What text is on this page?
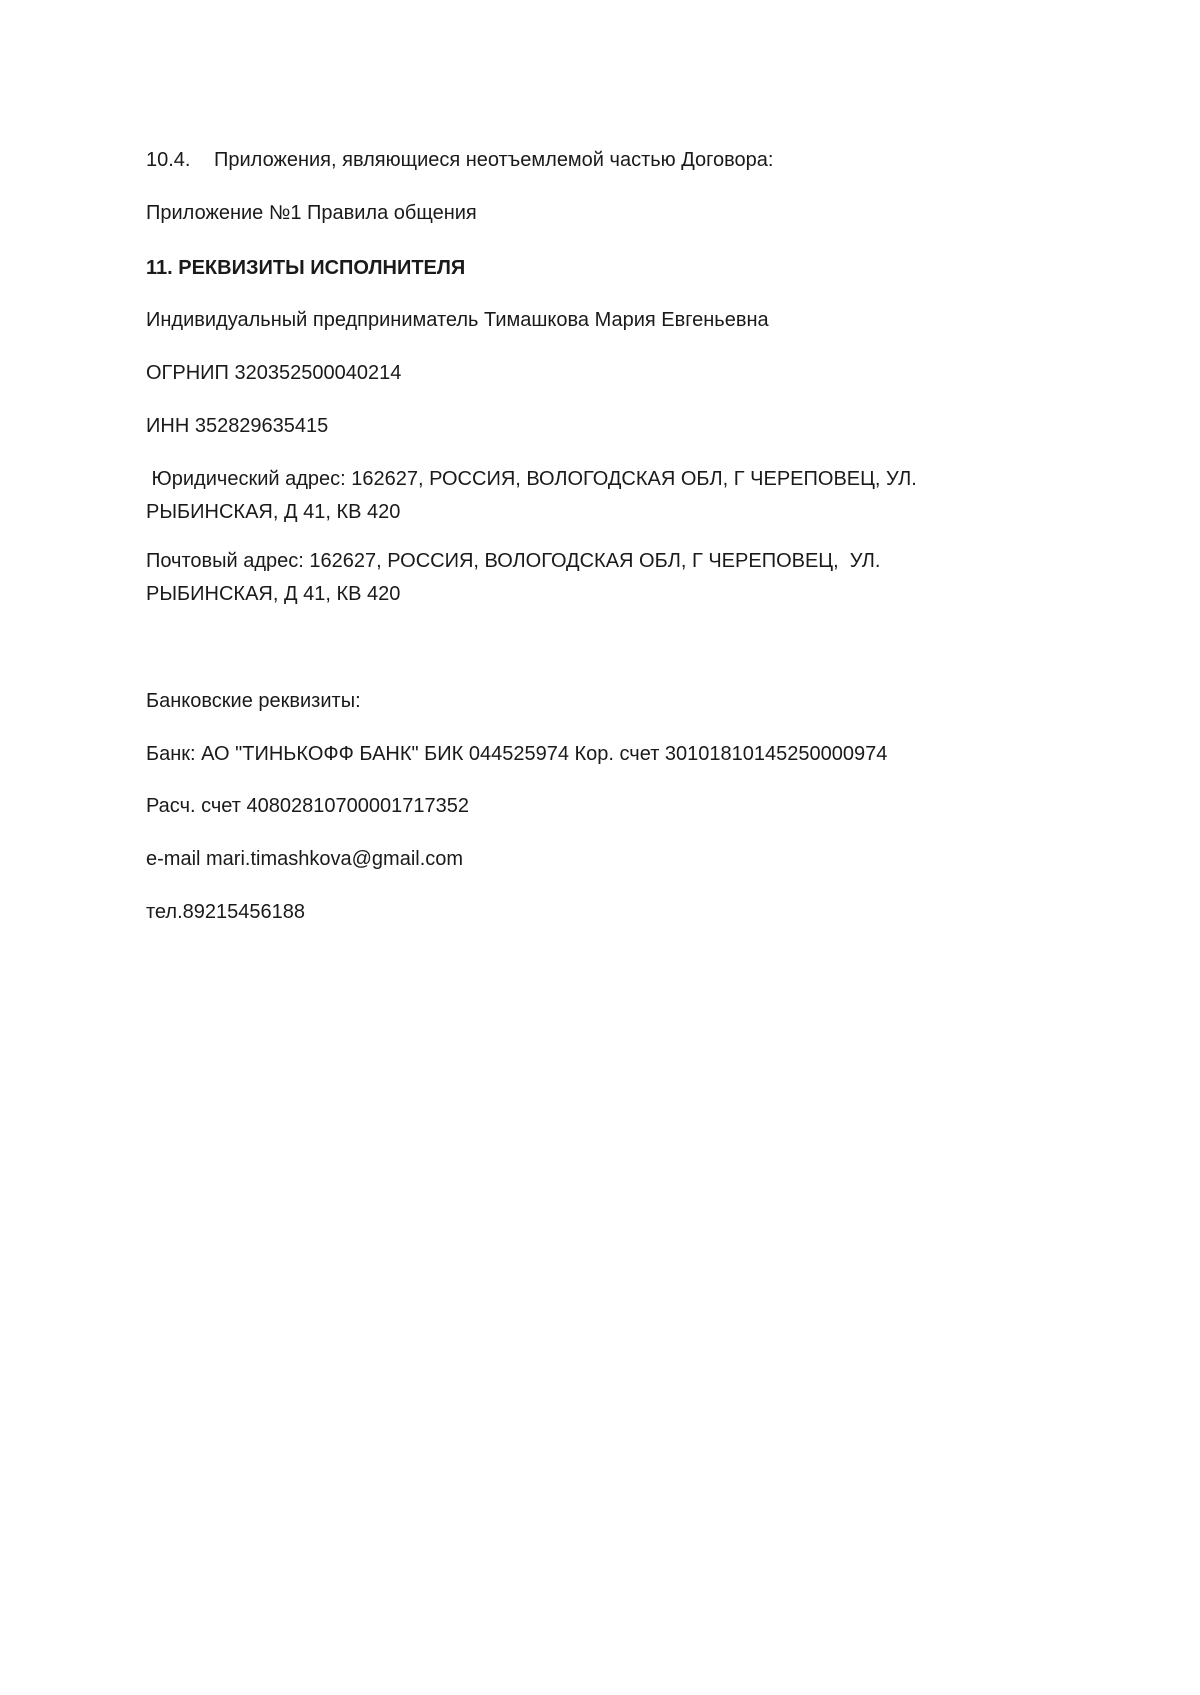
10.4. Приложения, являющиеся неотъемлемой частью Договора:

Приложение №1 Правила общения

11. РЕКВИЗИТЫ ИСПОЛНИТЕЛЯ

Индивидуальный предприниматель Тимашкова Мария Евгеньевна

ОГРНИП 320352500040214

ИНН 352829635415

Юридический адрес: 162627, РОССИЯ, ВОЛОГОДСКАЯ ОБЛ, Г ЧЕРЕПОВЕЦ, УЛ.
РЫБИНСКАЯ, Д 41, КВ 420
Почтовый адрес: 162627, РОССИЯ, ВОЛОГОДСКАЯ ОБЛ, Г ЧЕРЕПОВЕЦ,  УЛ.
РЫБИНСКАЯ, Д 41, КВ 420

Банковские реквизиты:

Банк: АО "ТИНЬКОФФ БАНК" БИК 044525974 Кор. счет 30101810145250000974

Расч. счет 40802810700001717352

e-mail mari.timashkova@gmail.com

тел.89215456188
